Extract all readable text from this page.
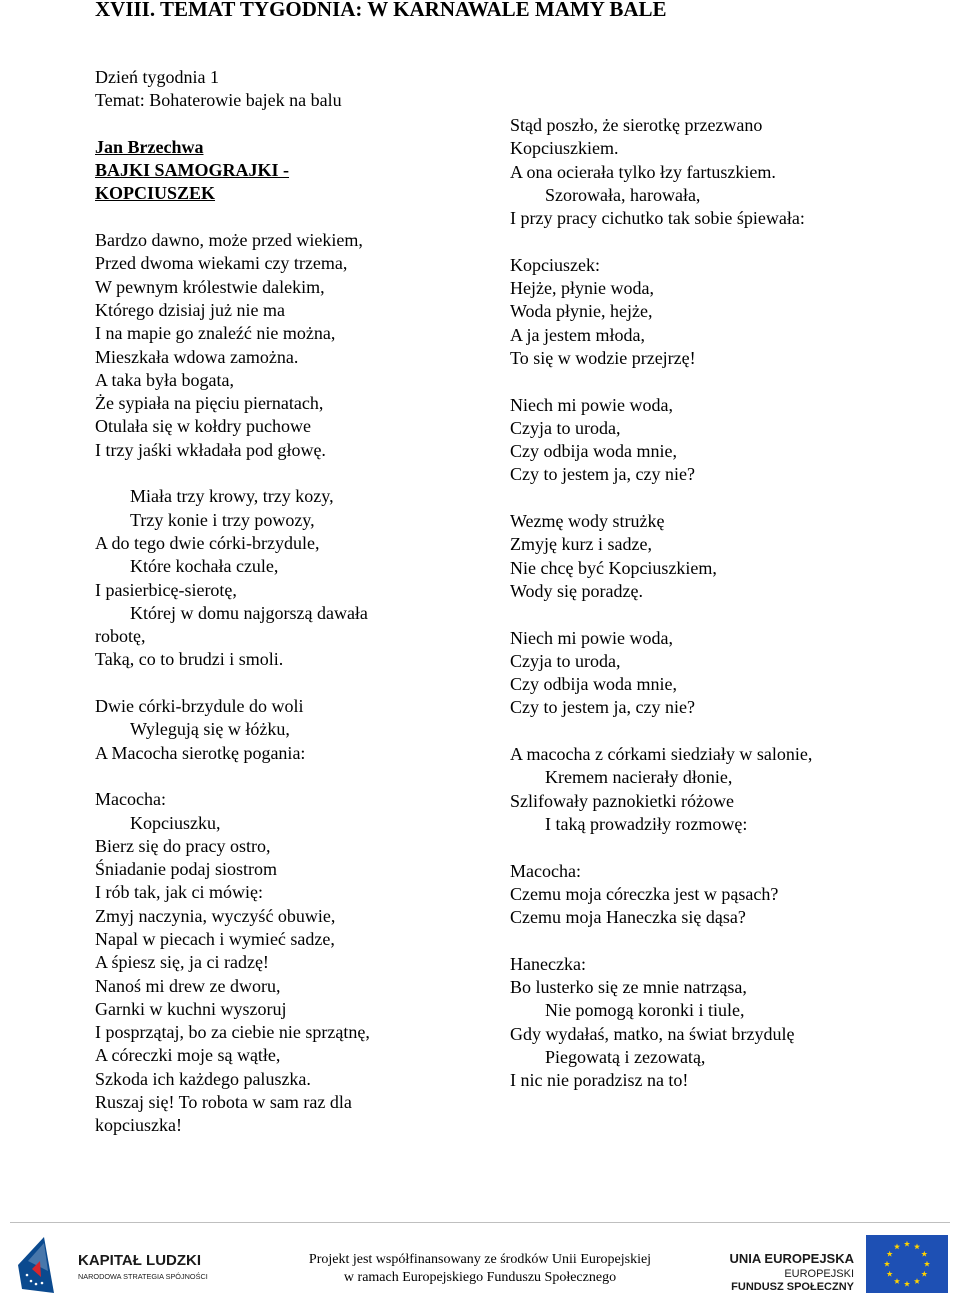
XVIII. TEMAT TYGODNIA: W KARNAWALE MAMY BALE
Dzień tygodnia 1
Temat: Bohaterowie bajek na balu
Jan Brzechwa
BAJKI SAMOGRAJKI -
KOPCIUSZEK
Bardzo dawno, może przed wiekiem,
Przed dwoma wiekami czy trzema,
W pewnym królestwie dalekim,
Którego dzisiaj już nie ma
I na mapie go znaleźć nie można,
Mieszkała wdowa zamożna.
A taka była bogata,
Że sypiała na pięciu piernatach,
Otulała się w kołdry puchowe
I trzy jaśki wkładała pod głowę.
Miała trzy krowy, trzy kozy,
Trzy konie i trzy powozy,
A do tego dwie córki-brzydule,
Które kochała czule,
I pasierbicę-sierotę,
Której w domu najgorszą dawała
robotę,
Taką, co to brudzi i smoli.
Dwie córki-brzydule do woli
Wylegują się w łóżku,
A Macocha sierotkę pogania:
Macocha:
Kopciuszku,
Bierz się do pracy ostro,
Śniadanie podaj siostrom
I rób tak, jak ci mówię:
Zmyj naczynia, wyczyść obuwie,
Napal w piecach i wymieć sadze,
A śpiesz się, ja ci radzę!
Nanoś mi drew ze dworu,
Garnki w kuchni wyszoruj
I posprzątaj, bo za ciebie nie sprzątnę,
A córeczki moje są wątłe,
Szkoda ich każdego paluszka.
Ruszaj się! To robota w sam raz dla
kopciuszka!
Stąd poszło, że sierotkę przezwano
Kopciuszkiem.
A ona ocierała tylko łzy fartuszkiem.
Szorowała, harowała,
I przy pracy cichutko tak sobie śpiewała:
Kopciuszek:
Hejże, płynie woda,
Woda płynie, hejże,
A ja jestem młoda,
To się w wodzie przejrzę!
Niech mi powie woda,
Czyja to uroda,
Czy odbija woda mnie,
Czy to jestem ja, czy nie?
Wezmę wody strużkę
Zmyję kurz i sadze,
Nie chcę być Kopciuszkiem,
Wody się poradzę.
Niech mi powie woda,
Czyja to uroda,
Czy odbija woda mnie,
Czy to jestem ja, czy nie?
A macocha z córkami siedziały w salonie,
Kremem nacierały dłonie,
Szlifowały paznokietki różowe
I taką prowadziły rozmowę:
Macocha:
Czemu moja córeczka jest w pąsach?
Czemu moja Haneczka się dąsa?
Haneczka:
Bo lusterko się ze mnie natrząsa,
Nie pomogą koronki i tiule,
Gdy wydałaś, matko, na świat brzydulę
Piegowatą i zezowatą,
I nic nie poradzisz na to!
KAPITAŁ LUDZKI
NARODOWA STRATEGIA SPÓJNOŚCI
Projekt jest współfinansowany ze środków Unii Europejskiej
w ramach Europejskiego Funduszu Społecznego
UNIA EUROPEJSKA
EUROPEJSKI
FUNDUSZ SPOŁECZNY
